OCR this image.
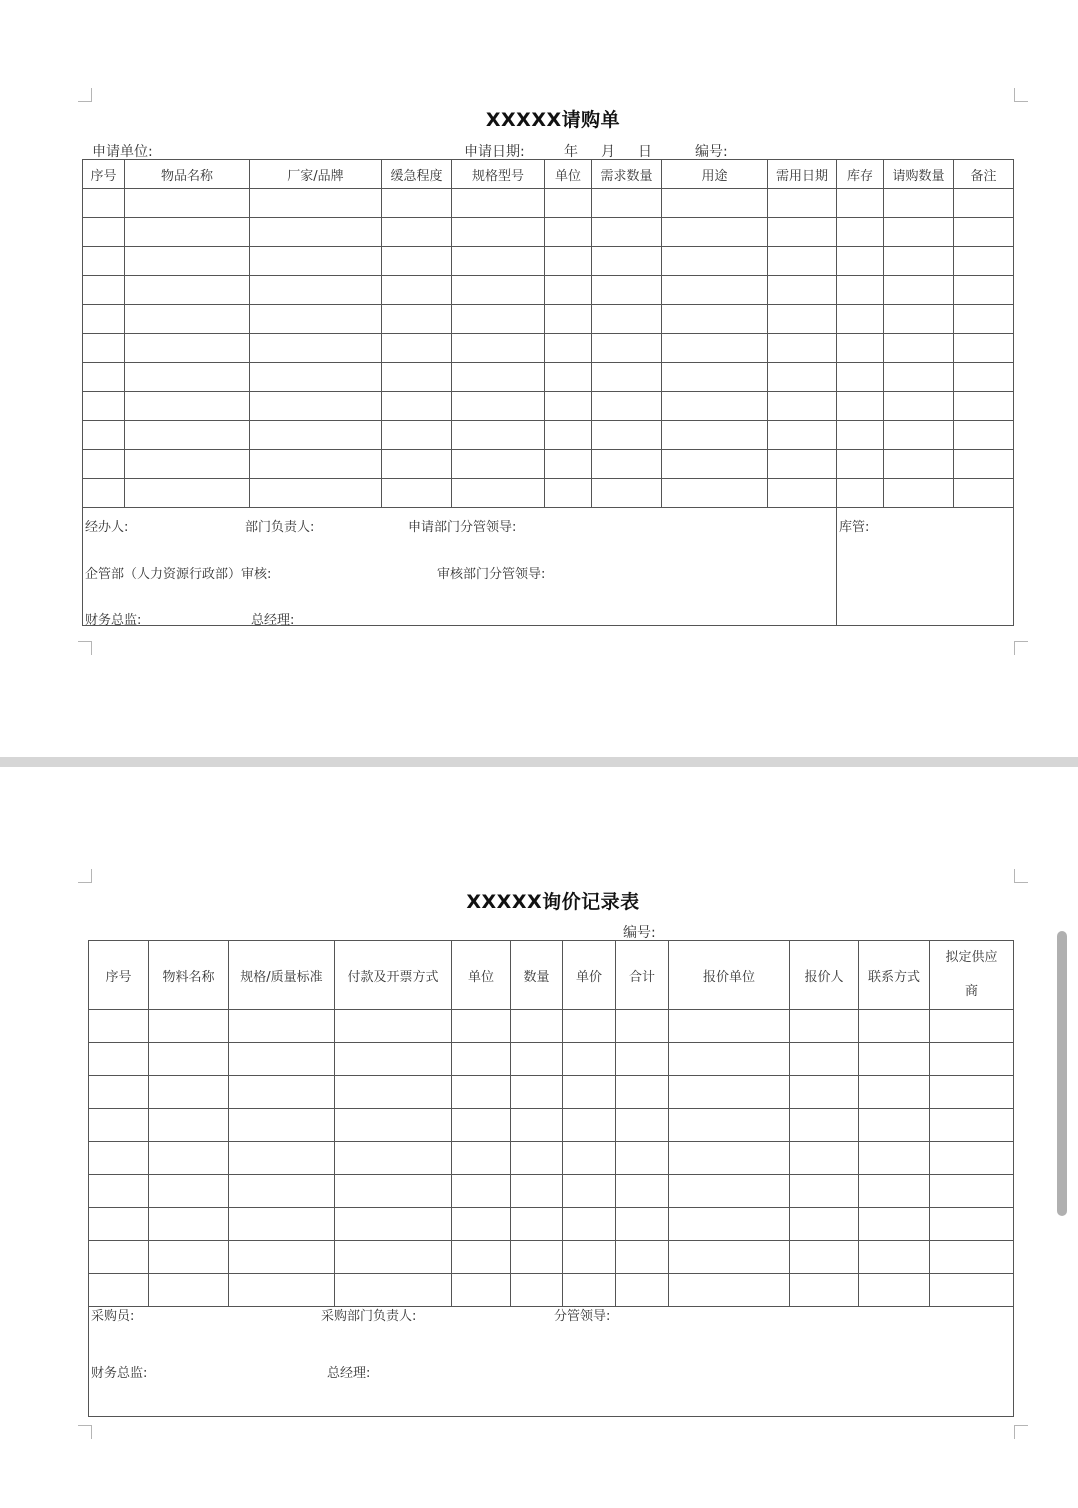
XXXXX请购单
申请单位:	申请日期:	年 月 日	编号:
序号	物品名称	厂家/品牌	缓急程度	规格型号	单位	需求数量	用途	需用日期	库存	请购数量	备注

经办人:	部门负责人:	申请部门分管领导:	库管:
企管部（人力资源行政部）审核:	审核部门分管领导:
财务总监:	总经理:
XXXXX询价记录表
编号:
序号	物料名称	规格/质量标准	付款及开票方式	单位	数量	单价	合计	报价单位	报价人	联系方式	拟定供应商

采购员:	采购部门负责人:	分管领导:
财务总监:	总经理:
